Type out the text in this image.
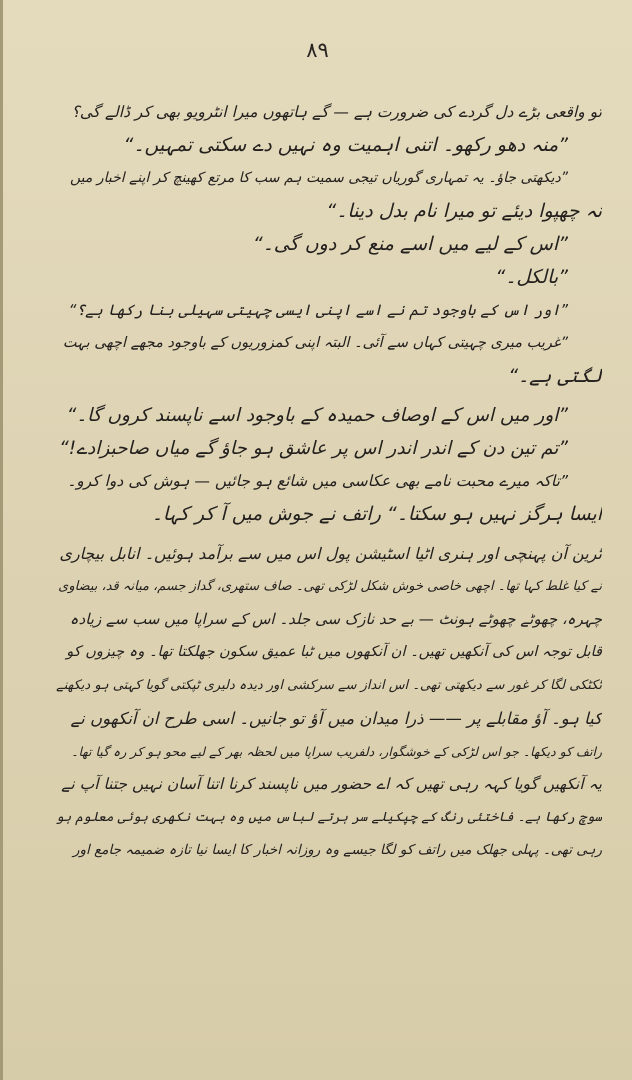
۸۹
تو واقعی بڑے دل گردے کی ضرورت ہے — گے ہاتھوں میرا انٹرویو بھی کر ڈالے گی؟
”منہ دھو رکھو۔ اتنی اہمیت وہ نہیں دے سکتی تمہیں۔“
”دیکھتی جاؤ۔ یہ تمہاری گوریاں تیجی سمیت ہم سب کا مرتع کھینچ کر اپنے اخبار میں
نہ چھپوا دیئے تو میرا نام بدل دینا۔“
”اس کے لیے میں اسے منع کر دوں گی۔“
”بالکل۔“
”اور اس کے باوجود تم نے اسے اپنی ایسی چہیتی سہیلی بنا رکھا ہے؟“
”غریب میری چہیتی کہاں سے آئی۔ البتہ اپنی کمزوریوں کے باوجود مجھے اچھی بہت
لگتی ہے۔“
”اور میں اس کے اوصاف حمیدہ کے باوجود اسے ناپسند کروں گا۔“
”تم تین دن کے اندر اندر اس پر عاشق ہو جاؤ گے میاں صاحبزادے!“
”تاکہ میرے محبت نامے بھی عکاسی میں شائع ہو جائیں — ہوش کی دوا کرو۔
ایسا ہرگز نہیں ہو سکتا۔“ راتف نے جوش میں آ کر کہا۔
ٹرین آن پہنچی اور ہنری اٹیا اسٹیشن پول اس میں سے برآمد ہوئیں۔ انابل بیچاری
نے کیا غلط کہا تھا۔ اچھی خاصی خوش شکل لڑکی تھی۔ صاف ستھری، گداز جسم، میانہ قد، بیضاوی
چہرہ، چھوٹے چھوٹے ہونٹ — بے حد نازک سی جلد۔ اس کے سراپا میں سب سے زیادہ
قابل توجہ اس کی آنکھیں تھیں۔ ان آنکھوں میں ٹبا عمیق سکون جھلکتا تھا۔ وہ چیزوں کو
ٹکٹکی لگا کر غور سے دیکھتی تھی۔ اس انداز سے سرکشی اور دیدہ دلیری ٹپکتی گویا کہتی ہو دیکھنے
کیا ہو۔ آؤ مقابلے پر —— ذرا میدان میں آؤ تو جانیں۔ اسی طرح ان آنکھوں نے
راتف کو دیکھا۔ جو اس لڑکی کے خوشگوار، دلفریب سراپا میں لحظہ بھر کے لیے محو ہو کر رہ گیا تھا۔
یہ آنکھیں گویا کہہ رہی تھیں کہ اے حضور میں ناپسند کرنا اتنا آسان نہیں جتنا آپ نے
سوچ رکھا ہے۔ فاختئی رنگ کے چپکیلے سر ہرتے لباس میں وہ بہت نکھری ہوئی معلوم ہو
رہی تھی۔ پہلی جھلک میں راتف کو لگا جیسے وہ روزانہ اخبار کا ایسا نیا تازہ ضمیمہ جامع اور
